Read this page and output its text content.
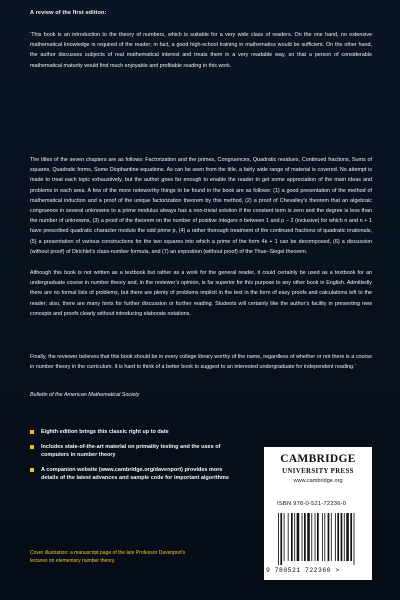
A review of the first edition:

‘This book is an introduction to the theory of numbers, which is suitable for a very wide class of readers. On the one hand, no extensive mathematical knowledge is required of the reader; in fact, a good high-school training in mathematics would be sufficient. On the other hand, the author discusses subjects of real mathematical interest and treats them in a very readable way, so that a person of considerable mathematical maturity would find much enjoyable and profitable reading in this work.

The titles of the seven chapters are as follows: Factorization and the primes, Congruences, Quadratic residues, Continued fractions, Sums of squares, Quadratic forms, Some Diophantine equations. As can be seen from the title, a fairly wide range of material is covered. No attempt is made to treat each topic exhaustively, but the author goes far enough to enable the reader to get some appreciation of the main ideas and problems in each area. A few of the more noteworthy things to be found in the book are as follows: (1) a good presentation of the method of mathematical induction and a proof of the unique factorization theorem by this method, (2) a proof of Chevalley’s theorem that an algebraic congruence in several unknowns to a prime modulus always has a non-trivial solution if the constant term is zero and the degree is less than the number of unknowns, (3) a proof of the theorem on the number of positive integers n between 1 and p − 2 (inclusive) for which n and n + 1 have prescribed quadratic character modulo the odd prime p, (4) a rather thorough treatment of the continued fractions of quadratic irrationals, (5) a presentation of various constructions for the two squares into which a prime of the form 4k + 1 can be decomposed, (6) a discussion (without proof) of Dirichlet’s class-number formula, and (7) an exposition (without proof) of the Thue–Siegel theorem.

Although this book is not written as a textbook but rather as a work for the general reader, it could certainly be used as a textbook for an undergraduate course in number theory and, in the reviewer’s opinion, is far superior for this purpose to any other book in English. Admittedly there are no formal lists of problems, but there are plenty of problems implicit in the text in the form of easy proofs and calculations left to the reader; also, there are many hints for further discussion or further reading. Students will certainly like the author’s facility in presenting new concepts and proofs clearly without introducing elaborate notations.

Finally, the reviewer believes that this book should be in every college library worthy of the name, regardless of whether or not there is a course in number theory in the curriculum. It is hard to think of a better book to suggest to an interested undergraduate for independent reading.’

Bulletin of the American Mathematical Society
Eighth edition brings this classic right up to date
Includes state-of-the-art material on primality testing and the uses of computers in number theory
A companion website (www.cambridge.org/davenport) provides more details of the latest advances and sample code for important algorithms
Cover illustration: a manuscript page of the late Professor Davenport’s lectures on elementary number theory.
CAMBRIDGE
UNIVERSITY PRESS
www.cambridge.org
ISBN 978-0-521-72236-0
9 780521 722360 >
